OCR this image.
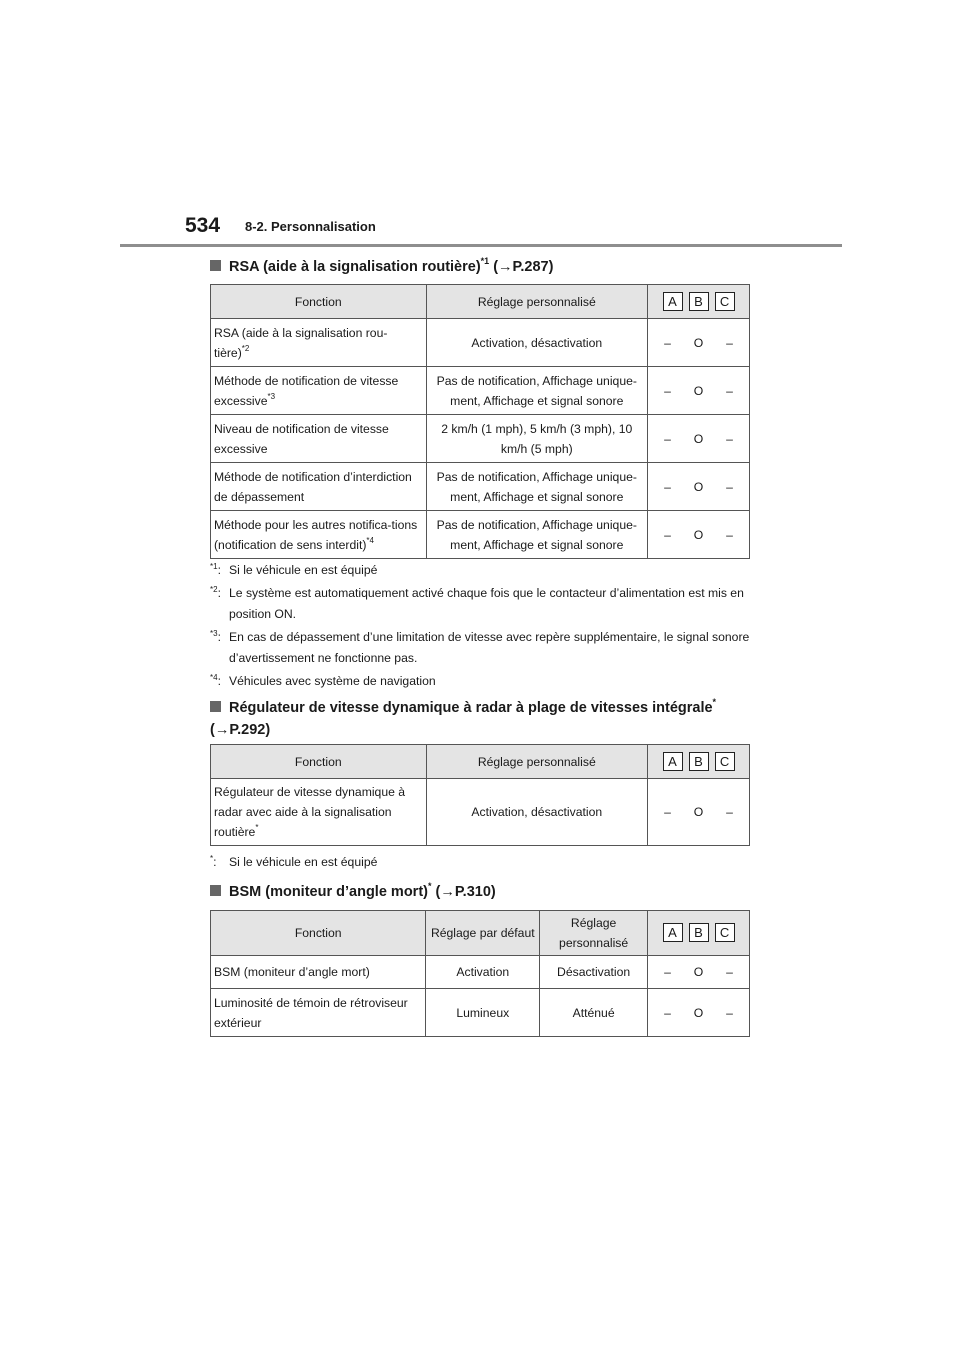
534 8-2. Personnalisation
RSA (aide à la signalisation routière)$^{*1}$ (→P.287)
Fonction	Réglage personnalisé	A B C
RSA (aide à la signalisation rou-tière)$^{*2}$	Activation, désactivation	– O –
Méthode de notification de vitesse excessive$^{*3}$	Pas de notification, Affichage unique-ment, Affichage et signal sonore	– O –
Niveau de notification de vitesse excessive	2 km/h (1 mph), 5 km/h (3 mph), 10 km/h (5 mph)	– O –
Méthode de notification d’interdiction de dépassement	Pas de notification, Affichage unique-ment, Affichage et signal sonore	– O –
Méthode pour les autres notifica-tions (notification de sens interdit)$^{*4}$	Pas de notification, Affichage unique-ment, Affichage et signal sonore	– O –
$^{*1}$: Si le véhicule en est équipé
$^{*2}$: Le système est automatiquement activé chaque fois que le contacteur d’alimentation est mis en position ON.
$^{*3}$: En cas de dépassement d’une limitation de vitesse avec repère supplémentaire, le signal sonore d’avertissement ne fonctionne pas.
$^{*4}$: Véhicules avec système de navigation
Régulateur de vitesse dynamique à radar à plage de vitesses intégrale*
(→P.292)
Fonction	Réglage personnalisé	A B C
Régulateur de vitesse dynamique à radar avec aide à la signalisation routière*	Activation, désactivation	– O –
*:	Si le véhicule en est équipé
BSM (moniteur d’angle mort)* (→P.310)
Fonction	Réglage par défaut	Réglage personnalisé	A B C
BSM (moniteur d’angle mort)	Activation	Désactivation	– O –
Luminosité de témoin de rétroviseur extérieur	Lumineux	Atténué	– O –
